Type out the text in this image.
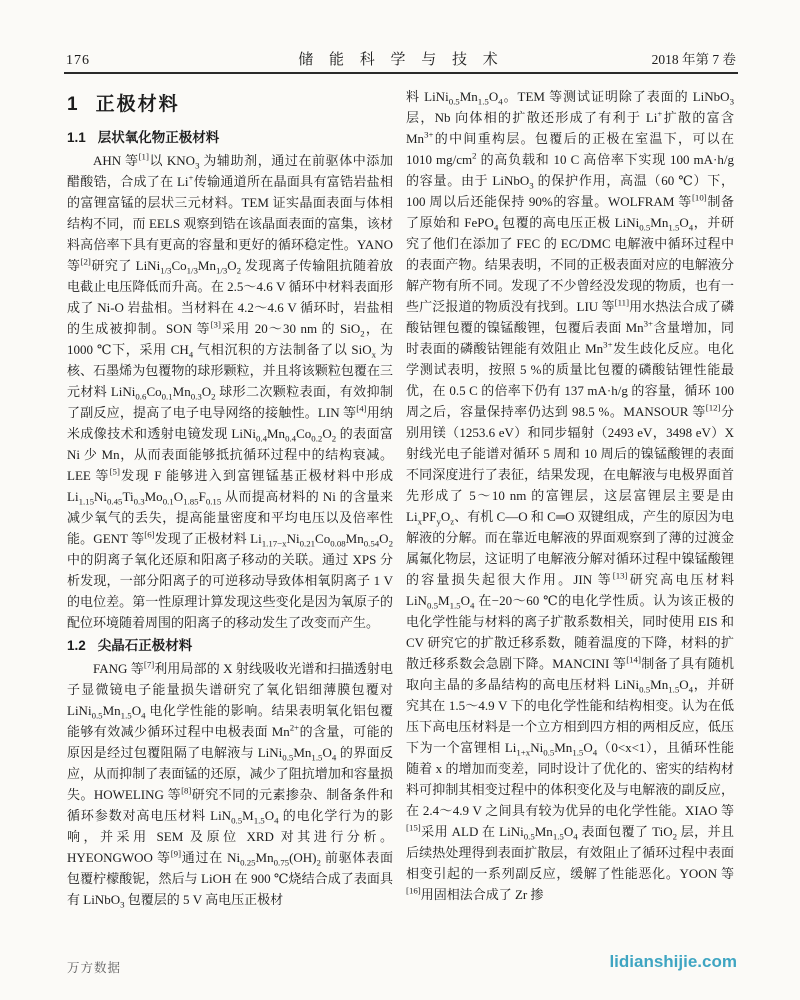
176	储 能 科 学 与 技 术	2018 年第 7 卷
1 正极材料
1.1 层状氧化物正极材料

AHN 等[1]以 $KNO_3$ 为辅助剂，通过在前驱体中添加醋酸锆，合成了在 Li+传输通道所在晶面具有富锆岩盐相的富锂富锰的层状三元材料。TEM 证实晶面表面与体相结构不同，而 EELS 观察到锆在该晶面表面的富集，该材料高倍率下具有更高的容量和更好的循环稳定性。YANO 等[2]研究了 $LiNi_{1/3}Co_{1/3}Mn_{1/3}O_2$ 发现离子传输阻抗随着放电截止电压降低而升高。在 2.5～4.6 V 循环中材料表面形成了 Ni-O 岩盐相。当材料在 4.2～4.6 V 循环时，岩盐相的生成被抑制。SON 等[3]采用 20～30 nm 的 SiO$_2$，在 1000 ℃下，采用 $CH_4$ 气相沉积的方法制备了以 SiO$_x$ 为核、石墨烯为包覆物的球形颗粒，并且将该颗粒包覆在三元材料 $LiNi_{0.6}Co_{0.1}Mn_{0.3}O_2$ 球形二次颗粒表面，有效抑制了副反应，提高了电子电导网络的接触性。LIN 等[4]用纳米成像技术和透射电镜发现 $LiNi_{0.4}Mn_{0.4}Co_{0.2}O_2$ 的表面富 Ni 少 Mn，从而表面能够抵抗循环过程中的结构衰减。LEE 等[5]发现 F 能够进入到富锂锰基正极材料中形成 $Li_{1.15}Ni_{0.45}Ti_{0.3}Mo_{0.1}O_{1.85}F_{0.15}$ 从而提高材料的 Ni 的含量来减少氧气的丢失，提高能量密度和平均电压以及倍率性能。GENT 等[6]发现了正极材料 $Li_{1.17-x}Ni_{0.21}Co_{0.08}Mn_{0.54}O_2$ 中的阴离子氧化还原和阳离子移动的关联。通过 XPS 分析发现，一部分阳离子的可逆移动导致体相氧阴离子 1 V 的电位差。第一性原理计算发现这些变化是因为氧原子的配位环境随着周围的阳离子的移动发生了改变而产生。

1.2 尖晶石正极材料

FANG 等[7]利用局部的 X 射线吸收光谱和扫描透射电子显微镜电子能量损失谱研究了氧化铝细薄膜包覆对 $LiNi_{0.5}Mn_{1.5}O_4$ 电化学性能的影响。结果表明氧化铝包覆能够有效减少循环过程中电极表面 $Mn^{2+}$的含量，可能的原因是经过包覆阻隔了电解液与 $LiNi_{0.5}Mn_{1.5}O_4$ 的界面反应，从而抑制了表面锰的还原，减少了阻抗增加和容量损失。HOWELING 等[8]研究不同的元素掺杂、制备条件和循环参数对高电压材料 $LiN_{0.5}M_{1.5}O_4$ 的电化学行为的影响，并采用 SEM 及原位 XRD 对其进行分析。HYEONGWOO 等[9]通过在 $Ni_{0.25}Mn_{0.75}(OH)_2$ 前驱体表面包覆柠檬酸铌，然后与 LiOH 在 900 ℃烧结合成了表面具有 LiNbO$_3$ 包覆层的 5 V 高电压正极材

料 $LiNi_{0.5}Mn_{1.5}O_4$。TEM 等测试证明除了表面的 LiNbO$_3$ 层，Nb 向体相的扩散还形成了有利于 Li+扩散的富含 $Mn^{3+}$的中间重构层。包覆后的正极在室温下，可以在 1010 $mg/cm^2$ 的高负载和 10 C 高倍率下实现 100 mA·h/g 的容量。由于 LiNbO$_3$ 的保护作用，高温（60 ℃）下，100 周以后还能保持 90%的容量。WOLFRAM 等[10]制备了原始和 FePO$_4$ 包覆的高电压正极 $LiNi_{0.5}Mn_{1.5}O_4$，并研究了他们在添加了 FEC 的 EC/DMC 电解液中循环过程中的表面产物。结果表明，不同的正极表面对应的电解液分解产物有所不同。发现了不少曾经没发现的物质，也有一些广泛报道的物质没有找到。LIU 等[11]用水热法合成了磷酸钴锂包覆的镍锰酸锂，包覆后表面 $Mn^{3+}$含量增加，同时表面的磷酸钴锂能有效阻止 $Mn^{3+}$发生歧化反应。电化学测试表明，按照 5 %的质量比包覆的磷酸钴锂性能最优，在 0.5 C 的倍率下仍有 137 mA·h/g 的容量，循环 100 周之后，容量保持率仍达到 98.5 %。MANSOUR 等[12]分别用镁（1253.6 eV）和同步辐射（2493 eV，3498 eV）X 射线光电子能谱对循环 5 周和 10 周后的镍锰酸锂的表面不同深度进行了表征，结果发现，在电解液与电极界面首先形成了 5～10 nm 的富锂层，这层富锂层主要是由 $Li_xPF_yO_z$、有机 C—O 和 C═O 双键组成，产生的原因为电解液的分解。而在靠近电解液的界面观察到了薄的过渡金属氟化物层，这证明了电解液分解对循环过程中镍锰酸锂的容量损失起很大作用。JIN 等[13]研究高电压材料 $LiN_{0.5}M_{1.5}O_4$ 在−20～60 ℃的电化学性质。认为该正极的电化学性能与材料的离子扩散系数相关，同时使用 EIS 和 CV 研究它的扩散迁移系数，随着温度的下降，材料的扩散迁移系数会急剧下降。MANCINI 等[14]制备了具有随机取向主晶的多晶结构的高电压材料 $LiNi_{0.5}Mn_{1.5}O_4$，并研究其在 1.5～4.9 V 下的电化学性能和结构相变。认为在低压下高电压材料是一个立方相到四方相的两相反应，低压下为一个富锂相 $Li_{1+x}Ni_{0.5}Mn_{1.5}O_4(0<x<1)$，且循环性能随着 x 的增加而变差，同时设计了优化的、密实的结构材料可抑制其相变过程中的体积变化及与电解液的副反应，在 2.4～4.9 V 之间具有较为优异的电化学性能。XIAO 等[15]采用 ALD 在 $LiNi_{0.5}Mn_{1.5}O_4$ 表面包覆了 TiO$_2$ 层，并且后续热处理得到表面扩散层，有效阻止了循环过程中表面相变引起的一系列副反应，缓解了性能恶化。YOON 等[16]用固相法合成了 Zr 掺

万方数据	lidianshijie.com
